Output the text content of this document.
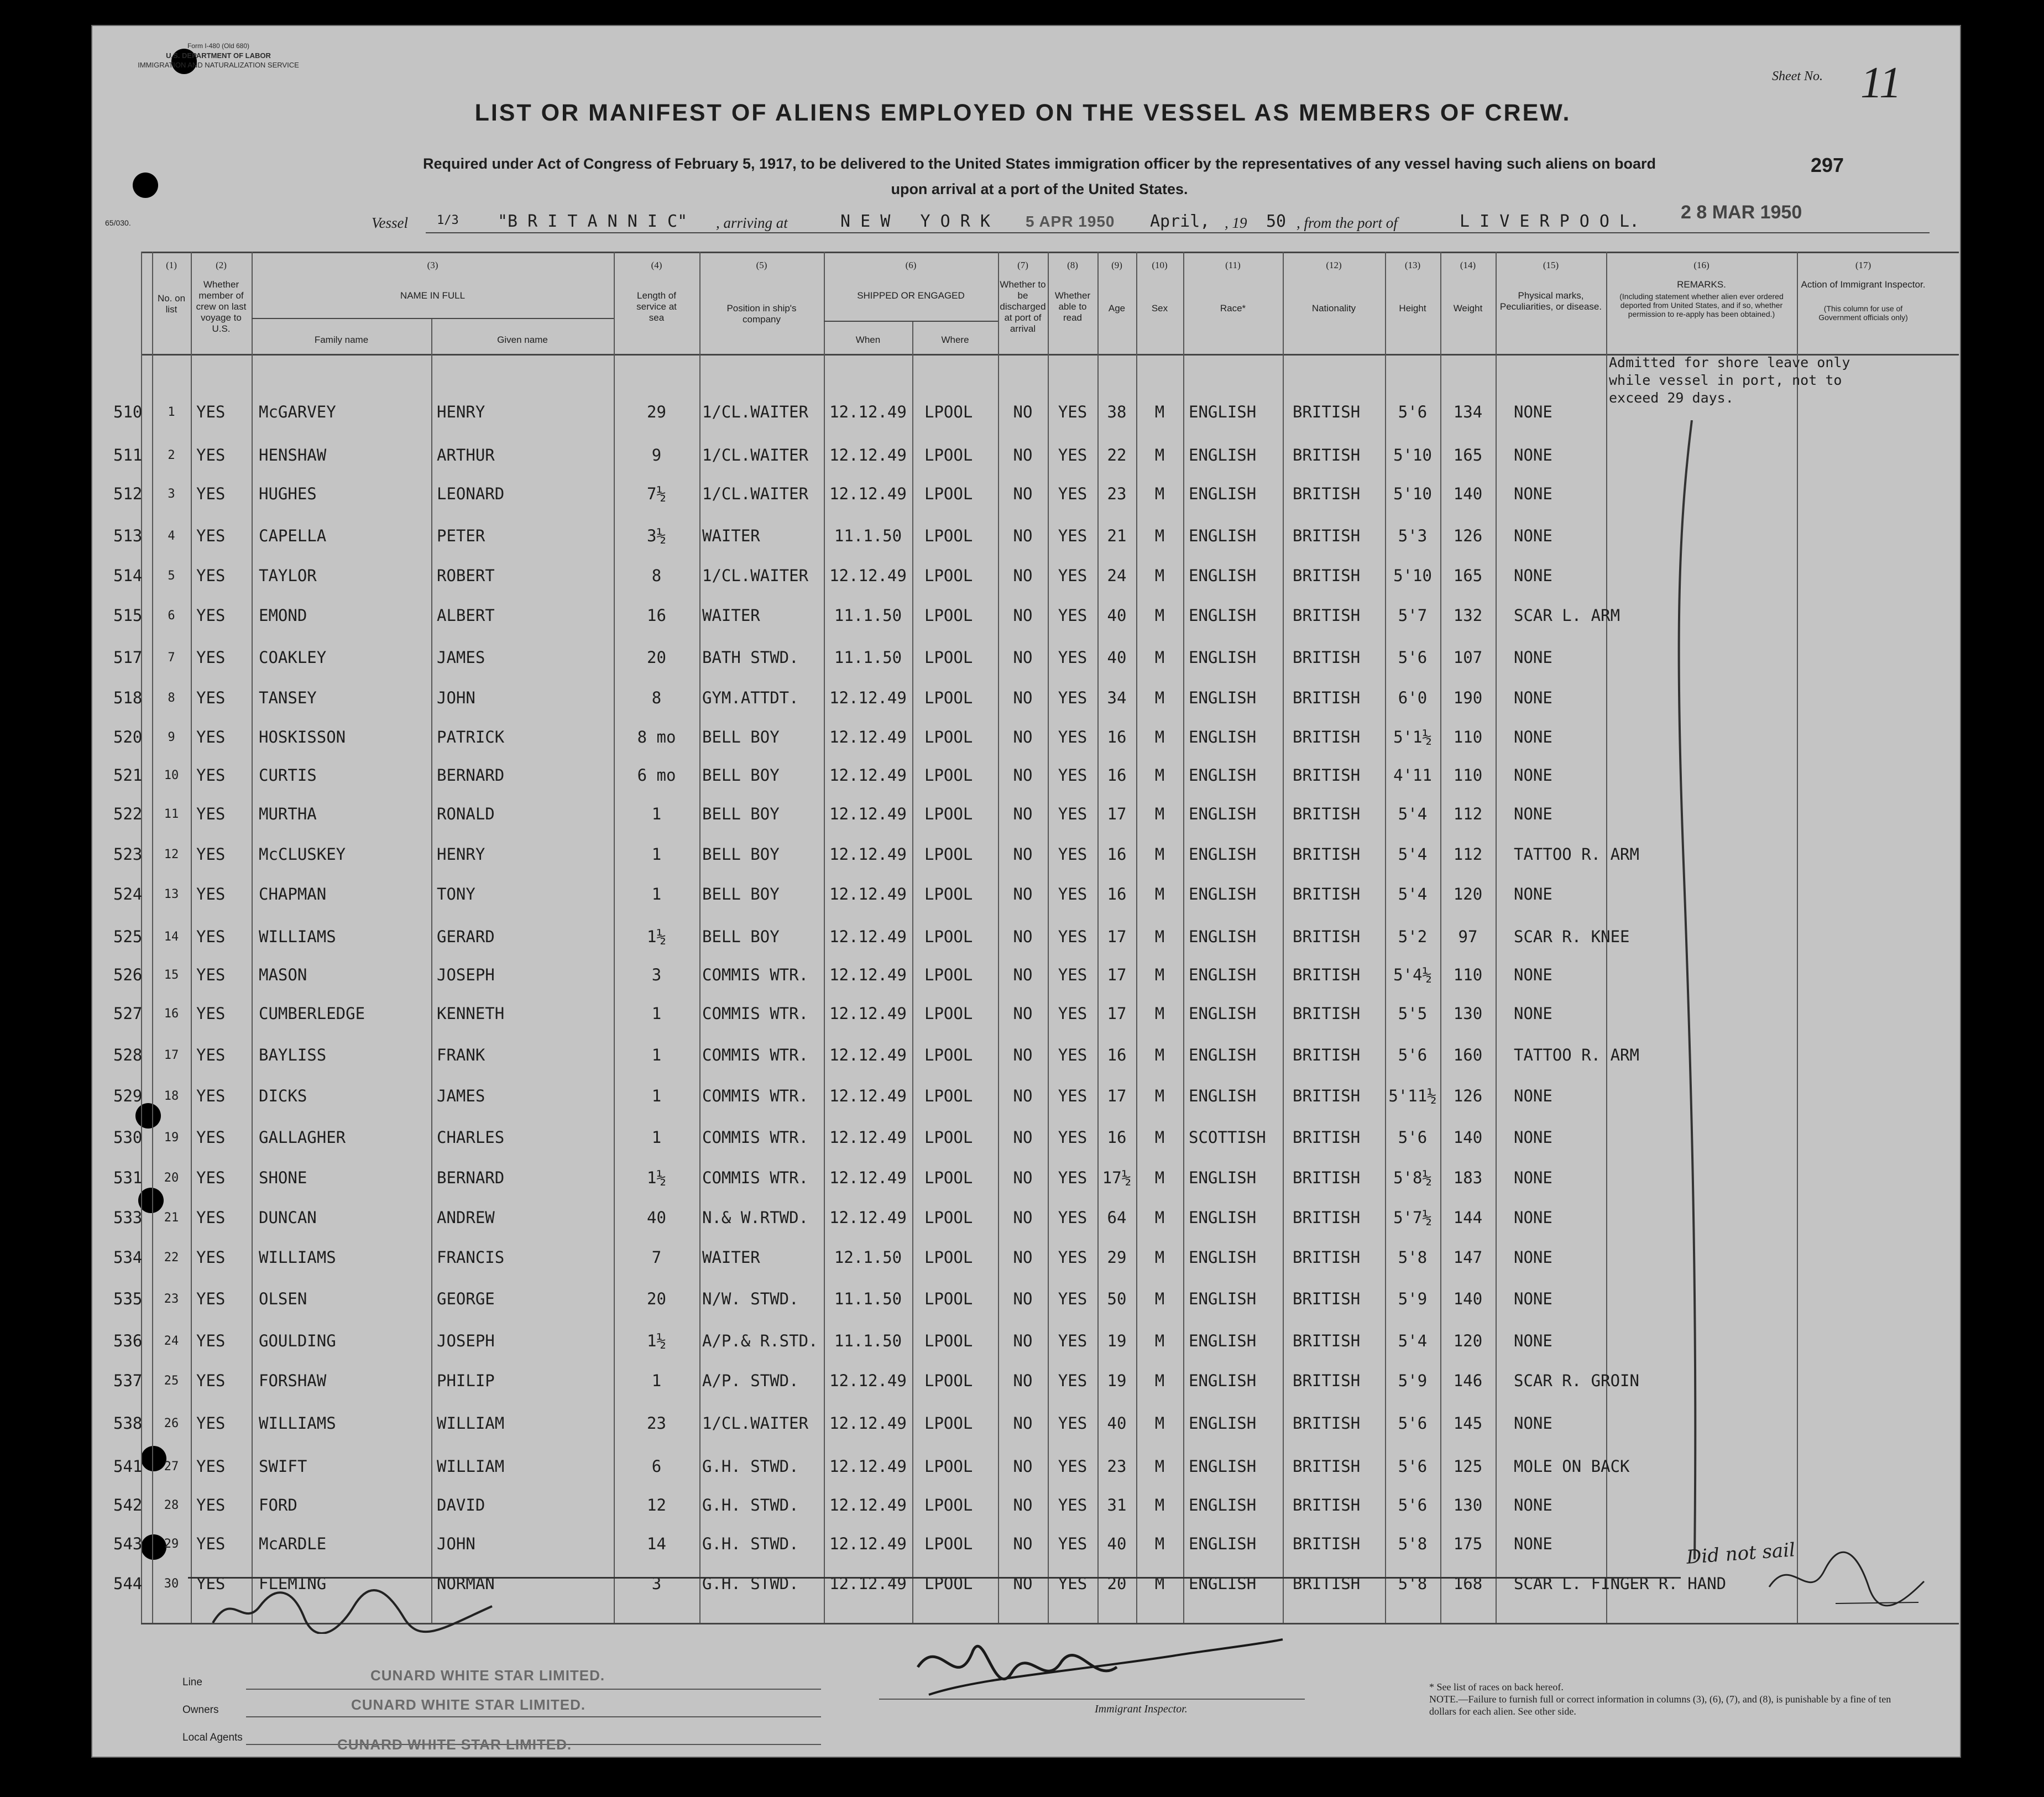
Form I-480 (Old 680)
U.S. DEPARTMENT OF LABOR
IMMIGRATION AND NATURALIZATION SERVICE
Sheet No. 11
LIST OR MANIFEST OF ALIENS EMPLOYED ON THE VESSEL AS MEMBERS OF CREW.
Required under Act of Congress of February 5, 1917, to be delivered to the United States immigration officer by the representatives of any vessel having such aliens on board
upon arrival at a port of the United States.
297
65/030.	Vessel 1/3 "B R I T A N N I C" , arriving at	N E W   Y O R K 5 APR 1950 April, , 19 50 , from the port of	L I V E R P O O L. 2 8 MAR 1950
(1)	(2)	(3)	(4)	(5)	(6)	(7)	(8)	(9)	(10)	(11)	(12)	(13)	(14)	(15)	(16)	(17)
No. on list
Whether member of crew on last voyage to U.S.
NAME IN FULL
Family name	Given name
Length of service at sea
Position in ship's company
SHIPPED OR ENGAGED
When	Where
Whether to be discharged at port of arrival
Whether able to read
Age	Sex	Race*	Nationality	Height	Weight
Physical marks, Peculiarities, or disease.
REMARKS.
(Including statement whether alien ever ordered deported from United States, and if so, whether permission to re-apply has been obtained.)
Action of Immigrant Inspector.
(This column for use of Government officials only)
Admitted for shore leave only
while vessel in port, not to
exceed 29 days.
510	1	YES McGARVEY	HENRY	29	1/CL.WAITER	12.12.49	LPOOL	NO	YES	38	M	ENGLISH BRITISH	5'6	134	NONE
511	2	YES HENSHAW	ARTHUR	9	1/CL.WAITER	12.12.49	LPOOL	NO	YES	22	M	ENGLISH BRITISH	5'10	165	NONE
512	3	YES HUGHES	LEONARD	7½	1/CL.WAITER	12.12.49	LPOOL	NO	YES	23	M	ENGLISH BRITISH	5'10	140	NONE
513	4	YES CAPELLA	PETER	3½	WAITER	11.1.50	LPOOL	NO	YES	21	M	ENGLISH BRITISH	5'3	126	NONE
514	5	YES TAYLOR	ROBERT	8	1/CL.WAITER	12.12.49	LPOOL	NO	YES	24	M	ENGLISH BRITISH	5'10	165	NONE
515	6	YES EMOND	ALBERT	16	WAITER	11.1.50	LPOOL	NO	YES	40	M	ENGLISH BRITISH	5'7	132	SCAR L. ARM
517	7	YES COAKLEY	JAMES	20	BATH STWD.	11.1.50	LPOOL	NO	YES	40	M	ENGLISH BRITISH	5'6	107	NONE
518	8	YES TANSEY	JOHN	8	GYM.ATTDT.	12.12.49	LPOOL	NO	YES	34	M	ENGLISH BRITISH	6'0	190	NONE
520	9	YES HOSKISSON	PATRICK	8 mo	BELL BOY	12.12.49	LPOOL	NO	YES	16	M	ENGLISH BRITISH	5'1½	110	NONE
521	10	YES CURTIS	BERNARD	6 mo	BELL BOY	12.12.49	LPOOL	NO	YES	16	M	ENGLISH BRITISH	4'11	110	NONE
522	11	YES MURTHA	RONALD	1	BELL BOY	12.12.49	LPOOL	NO	YES	17	M	ENGLISH BRITISH	5'4	112	NONE
523	12	YES McCLUSKEY	HENRY	1	BELL BOY	12.12.49	LPOOL	NO	YES	16	M	ENGLISH BRITISH	5'4	112	TATTOO R. ARM
524	13	YES CHAPMAN	TONY	1	BELL BOY	12.12.49	LPOOL	NO	YES	16	M	ENGLISH BRITISH	5'4	120	NONE
525	14	YES WILLIAMS	GERARD	1½	BELL BOY	12.12.49	LPOOL	NO	YES	17	M	ENGLISH BRITISH	5'2	97	SCAR R. KNEE
526	15	YES MASON	JOSEPH	3	COMMIS WTR.	12.12.49	LPOOL	NO	YES	17	M	ENGLISH BRITISH	5'4½	110	NONE
527	16	YES CUMBERLEDGE	KENNETH	1	COMMIS WTR.	12.12.49	LPOOL	NO	YES	17	M	ENGLISH BRITISH	5'5	130	NONE
528	17	YES BAYLISS	FRANK	1	COMMIS WTR.	12.12.49	LPOOL	NO	YES	16	M	ENGLISH BRITISH	5'6	160	TATTOO R. ARM
529	18	YES DICKS	JAMES	1	COMMIS WTR.	12.12.49	LPOOL	NO	YES	17	M	ENGLISH BRITISH 5'11½	126	NONE
530	19	YES GALLAGHER	CHARLES	1	COMMIS WTR.	12.12.49	LPOOL	NO	YES	16	M	SCOTTISH BRITISH	5'6	140	NONE
531	20	YES SHONE	BERNARD	1½	COMMIS WTR.	12.12.49	LPOOL	NO	YES 17½	M	ENGLISH BRITISH	5'8½	183	NONE
533	21	YES DUNCAN	ANDREW	40	N.& W.RTWD.	12.12.49	LPOOL	NO	YES	64	M	ENGLISH BRITISH	5'7½	144	NONE
534	22	YES WILLIAMS	FRANCIS	7	WAITER	12.1.50	LPOOL	NO	YES	29	M	ENGLISH BRITISH	5'8	147	NONE
535	23	YES OLSEN	GEORGE	20	N/W. STWD.	11.1.50	LPOOL	NO	YES	50	M	ENGLISH BRITISH	5'9	140	NONE
536	24	YES GOULDING	JOSEPH	1½	A/P.& R.STD.	11.1.50	LPOOL	NO	YES	19	M	ENGLISH BRITISH	5'4	120	NONE
537	25	YES FORSHAW	PHILIP	1	A/P. STWD.	12.12.49	LPOOL	NO	YES	19	M	ENGLISH BRITISH	5'9	146	SCAR R. GROIN
538	26	YES WILLIAMS	WILLIAM	23	1/CL.WAITER	12.12.49	LPOOL	NO	YES	40	M	ENGLISH BRITISH	5'6	145	NONE
541	27	YES SWIFT	WILLIAM	6	G.H. STWD.	12.12.49	LPOOL	NO	YES	23	M	ENGLISH BRITISH	5'6	125	MOLE ON BACK
542	28	YES FORD	DAVID	12	G.H. STWD.	12.12.49	LPOOL	NO	YES	31	M	ENGLISH BRITISH	5'6	130	NONE
543	29	YES McARDLE	JOHN	14	G.H. STWD.	12.12.49	LPOOL	NO	YES	40	M	ENGLISH BRITISH	5'8	175	NONE
544	30	YES FLEMING	NORMAN	3	G.H. STWD.	12.12.49	LPOOL	NO	YES	20	M	ENGLISH BRITISH	5'8	168	SCAR L. FINGER R. HAND
Did not sail
Line
Owners
Local Agents
CUNARD WHITE STAR LIMITED.
CUNARD WHITE STAR LIMITED.
CUNARD WHITE STAR LIMITED.
Immigrant Inspector.
* See list of races on back hereof.
NOTE.—Failure to furnish full or correct information in columns (3), (6), (7), and (8), is punishable by a fine of ten dollars for each alien. See other side.
